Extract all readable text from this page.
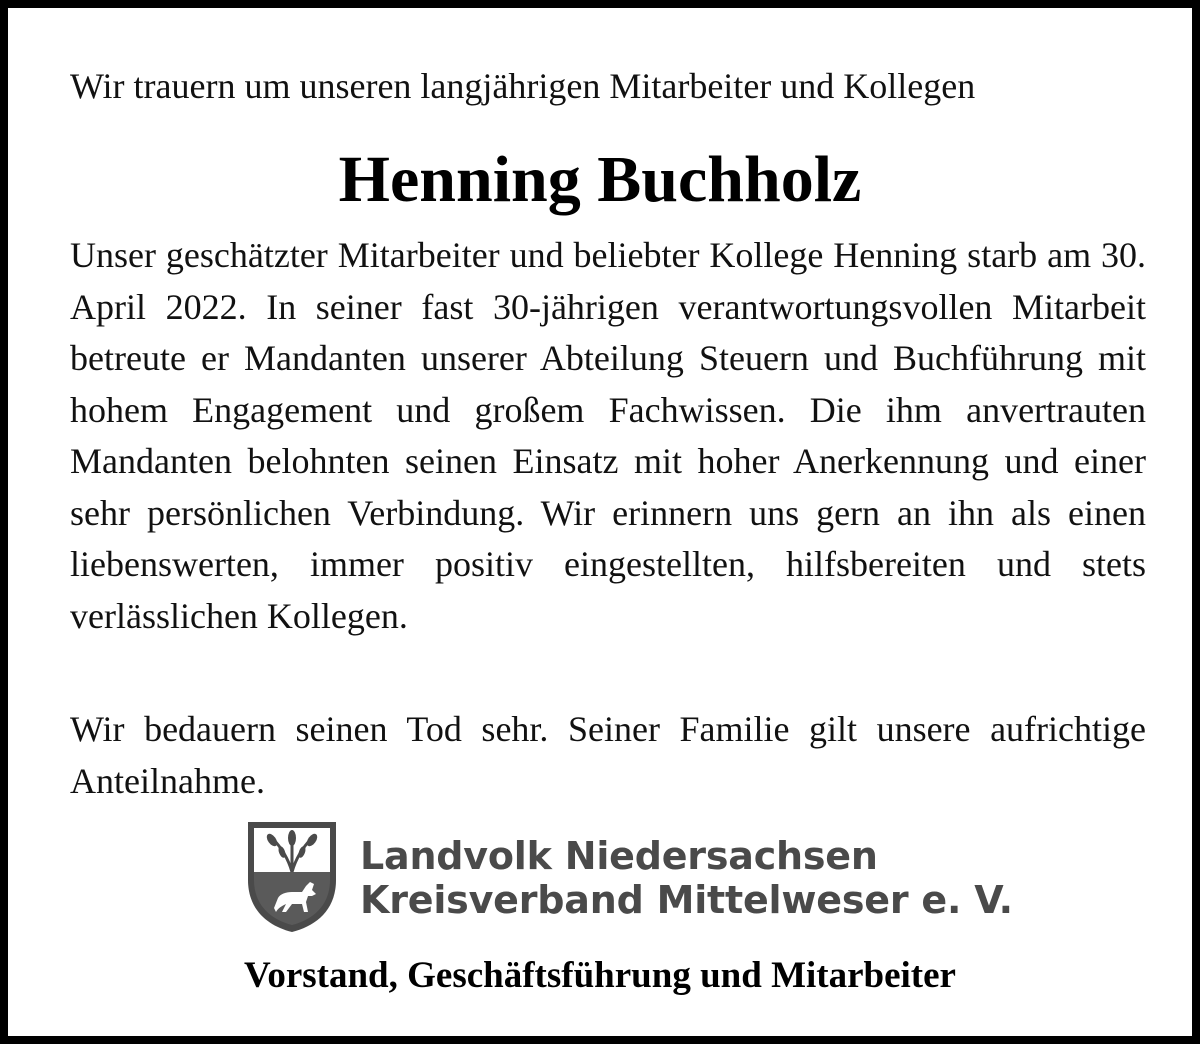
Wir trauern um unseren langjährigen Mitarbeiter und Kollegen
Henning Buchholz
Unser geschätzter Mitarbeiter und beliebter Kollege Henning starb am 30. April 2022. In seiner fast 30-jährigen verantwortungsvollen Mitarbeit betreute er Mandanten unserer Abteilung Steuern und Buchführung mit hohem Engagement und großem Fachwissen. Die ihm anvertrauten Mandanten belohnten seinen Einsatz mit hoher Anerkennung und einer sehr persönlichen Verbindung. Wir erinnern uns gern an ihn als einen liebenswerten, immer positiv eingestellten, hilfsbereiten und stets verlässlichen Kollegen.
Wir bedauern seinen Tod sehr. Seiner Familie gilt unsere aufrichtige Anteilnahme.
Landvolk Niedersachsen
Kreisverband Mittelweser e. V.
Vorstand, Geschäftsführung und Mitarbeiter
